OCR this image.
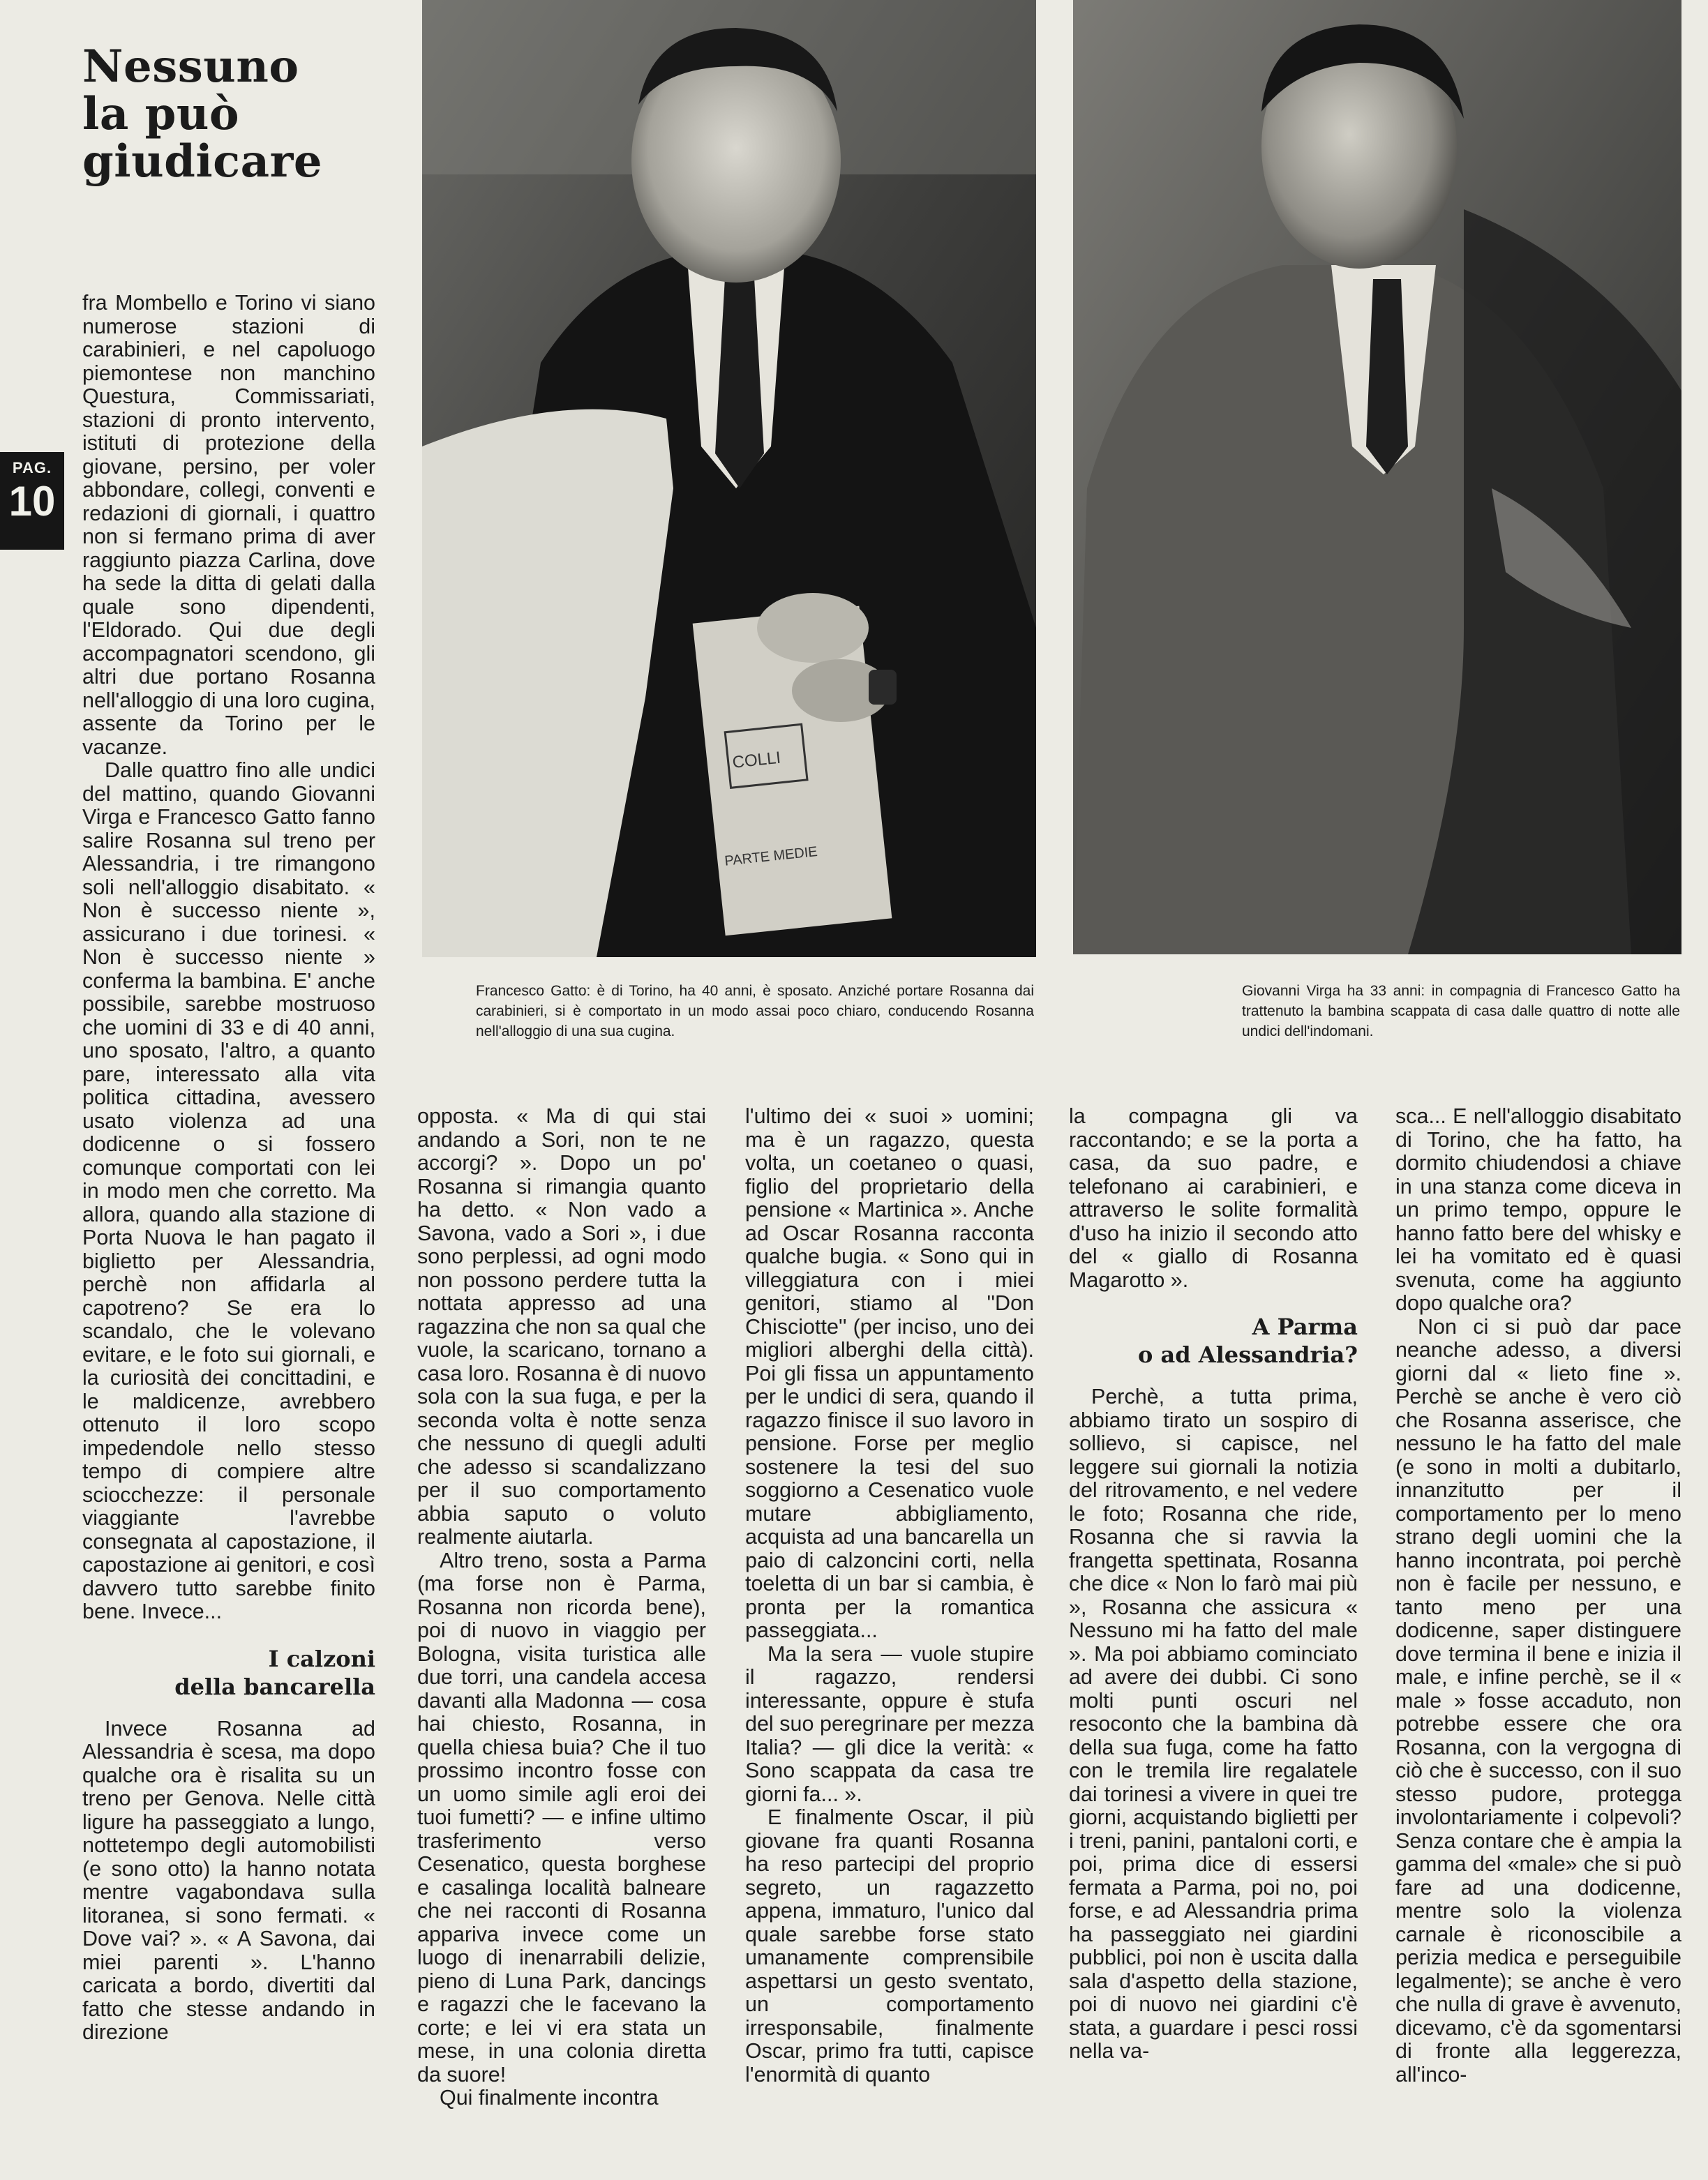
Nessuno
la può
giudicare
PAG.
10
COLLI
PARTE MEDIE

Francesco Gatto: è di Torino, ha 40 anni, è sposato. Anziché portare Rosanna dai carabinieri, si è comportato in un modo assai poco chiaro, conducendo Rosanna nell'alloggio di una sua cugina.

Giovanni Virga ha 33 anni: in compagnia di Francesco Gatto ha trattenuto la bambina scappata di casa dalle quattro di notte alle undici dell'indomani.

fra Mombello e Torino vi siano numerose stazioni di carabinieri, e nel capoluogo piemontese non manchino Questura, Commissariati, stazioni di pronto intervento, istituti di protezione della giovane, persino, per voler abbondare, collegi, conventi e redazioni di giornali, i quattro non si fermano prima di aver raggiunto piazza Carlina, dove ha sede la ditta di gelati dalla quale sono dipendenti, l'Eldorado. Qui due degli accompagnatori scendono, gli altri due portano Rosanna nell'alloggio di una loro cugina, assente da Torino per le vacanze.

Dalle quattro fino alle undici del mattino, quando Giovanni Virga e Francesco Gatto fanno salire Rosanna sul treno per Alessandria, i tre rimangono soli nell'alloggio disabitato. « Non è successo niente », assicurano i due torinesi. « Non è successo niente » conferma la bambina. E' anche possibile, sarebbe mostruoso che uomini di 33 e di 40 anni, uno sposato, l'altro, a quanto pare, interessato alla vita politica cittadina, avessero usato violenza ad una dodicenne o si fossero comunque comportati con lei in modo men che corretto. Ma allora, quando alla stazione di Porta Nuova le han pagato il biglietto per Alessandria, perchè non affidarla al capotreno? Se era lo scandalo, che le volevano evitare, e le foto sui giornali, e la curiosità dei concittadini, e le maldicenze, avrebbero ottenuto il loro scopo impedendole nello stesso tempo di compiere altre sciocchezze: il personale viaggiante l'avrebbe consegnata al capostazione, il capostazione ai genitori, e così davvero tutto sarebbe finito bene. Invece...

I calzoni
della bancarella

Invece Rosanna ad Alessandria è scesa, ma dopo qualche ora è risalita su un treno per Genova. Nelle città ligure ha passeggiato a lungo, nottetempo degli automobilisti (e sono otto) la hanno notata mentre vagabondava sulla litoranea, si sono fermati. « Dove vai? ». « A Savona, dai miei parenti ». L'hanno caricata a bordo, divertiti dal fatto che stesse andando in direzione

opposta. « Ma di qui stai andando a Sori, non te ne accorgi? ». Dopo un po' Rosanna si rimangia quanto ha detto. « Non vado a Savona, vado a Sori », i due sono perplessi, ad ogni modo non possono perdere tutta la nottata appresso ad una ragazzina che non sa qual che vuole, la scaricano, tornano a casa loro. Rosanna è di nuovo sola con la sua fuga, e per la seconda volta è notte senza che nessuno di quegli adulti che adesso si scandalizzano per il suo comportamento abbia saputo o voluto realmente aiutarla.

Altro treno, sosta a Parma (ma forse non è Parma, Rosanna non ricorda bene), poi di nuovo in viaggio per Bologna, visita turistica alle due torri, una candela accesa davanti alla Madonna — cosa hai chiesto, Rosanna, in quella chiesa buia? Che il tuo prossimo incontro fosse con un uomo simile agli eroi dei tuoi fumetti? — e infine ultimo trasferimento verso Cesenatico, questa borghese e casalinga località balneare che nei racconti di Rosanna appariva invece come un luogo di inenarrabili delizie, pieno di Luna Park, dancings e ragazzi che le facevano la corte; e lei vi era stata un mese, in una colonia diretta da suore!

Qui finalmente incontra

l'ultimo dei « suoi » uomini; ma è un ragazzo, questa volta, un coetaneo o quasi, figlio del proprietario della pensione « Martinica ». Anche ad Oscar Rosanna racconta qualche bugia. « Sono qui in villeggiatura con i miei genitori, stiamo al ''Don Chisciotte'' (per inciso, uno dei migliori alberghi della città). Poi gli fissa un appuntamento per le undici di sera, quando il ragazzo finisce il suo lavoro in pensione. Forse per meglio sostenere la tesi del suo soggiorno a Cesenatico vuole mutare abbigliamento, acquista ad una bancarella un paio di calzoncini corti, nella toeletta di un bar si cambia, è pronta per la romantica passeggiata...

Ma la sera — vuole stupire il ragazzo, rendersi interessante, oppure è stufa del suo peregrinare per mezza Italia? — gli dice la verità: « Sono scappata da casa tre giorni fa... ».

E finalmente Oscar, il più giovane fra quanti Rosanna ha reso partecipi del proprio segreto, un ragazzetto appena, immaturo, l'unico dal quale sarebbe forse stato umanamente comprensibile aspettarsi un gesto sventato, un comportamento irresponsabile, finalmente Oscar, primo fra tutti, capisce l'enormità di quanto

la compagna gli va raccontando; e se la porta a casa, da suo padre, e telefonano ai carabinieri, e attraverso le solite formalità d'uso ha inizio il secondo atto del « giallo di Rosanna Magarotto ».

A Parma
o ad Alessandria?

Perchè, a tutta prima, abbiamo tirato un sospiro di sollievo, si capisce, nel leggere sui giornali la notizia del ritrovamento, e nel vedere le foto; Rosanna che ride, Rosanna che si ravvia la frangetta spettinata, Rosanna che dice « Non lo farò mai più », Rosanna che assicura « Nessuno mi ha fatto del male ». Ma poi abbiamo cominciato ad avere dei dubbi. Ci sono molti punti oscuri nel resoconto che la bambina dà della sua fuga, come ha fatto con le tremila lire regalatele dai torinesi a vivere in quei tre giorni, acquistando biglietti per i treni, panini, pantaloni corti, e poi, prima dice di essersi fermata a Parma, poi no, poi forse, e ad Alessandria prima ha passeggiato nei giardini pubblici, poi non è uscita dalla sala d'aspetto della stazione, poi di nuovo nei giardini c'è stata, a guardare i pesci rossi nella va-

sca... E nell'alloggio disabitato di Torino, che ha fatto, ha dormito chiudendosi a chiave in una stanza come diceva in un primo tempo, oppure le hanno fatto bere del whisky e lei ha vomitato ed è quasi svenuta, come ha aggiunto dopo qualche ora?

Non ci si può dar pace neanche adesso, a diversi giorni dal « lieto fine ». Perchè se anche è vero ciò che Rosanna asserisce, che nessuno le ha fatto del male (e sono in molti a dubitarlo, innanzitutto per il comportamento per lo meno strano degli uomini che la hanno incontrata, poi perchè non è facile per nessuno, e tanto meno per una dodicenne, saper distinguere dove termina il bene e inizia il male, e infine perchè, se il « male » fosse accaduto, non potrebbe essere che ora Rosanna, con la vergogna di ciò che è successo, con il suo stesso pudore, protegga involontariamente i colpevoli? Senza contare che è ampia la gamma del «male» che si può fare ad una dodicenne, mentre solo la violenza carnale è riconoscibile a perizia medica e perseguibile legalmente); se anche è vero che nulla di grave è avvenuto, dicevamo, c'è da sgomentarsi di fronte alla leggerezza, all'inco-
